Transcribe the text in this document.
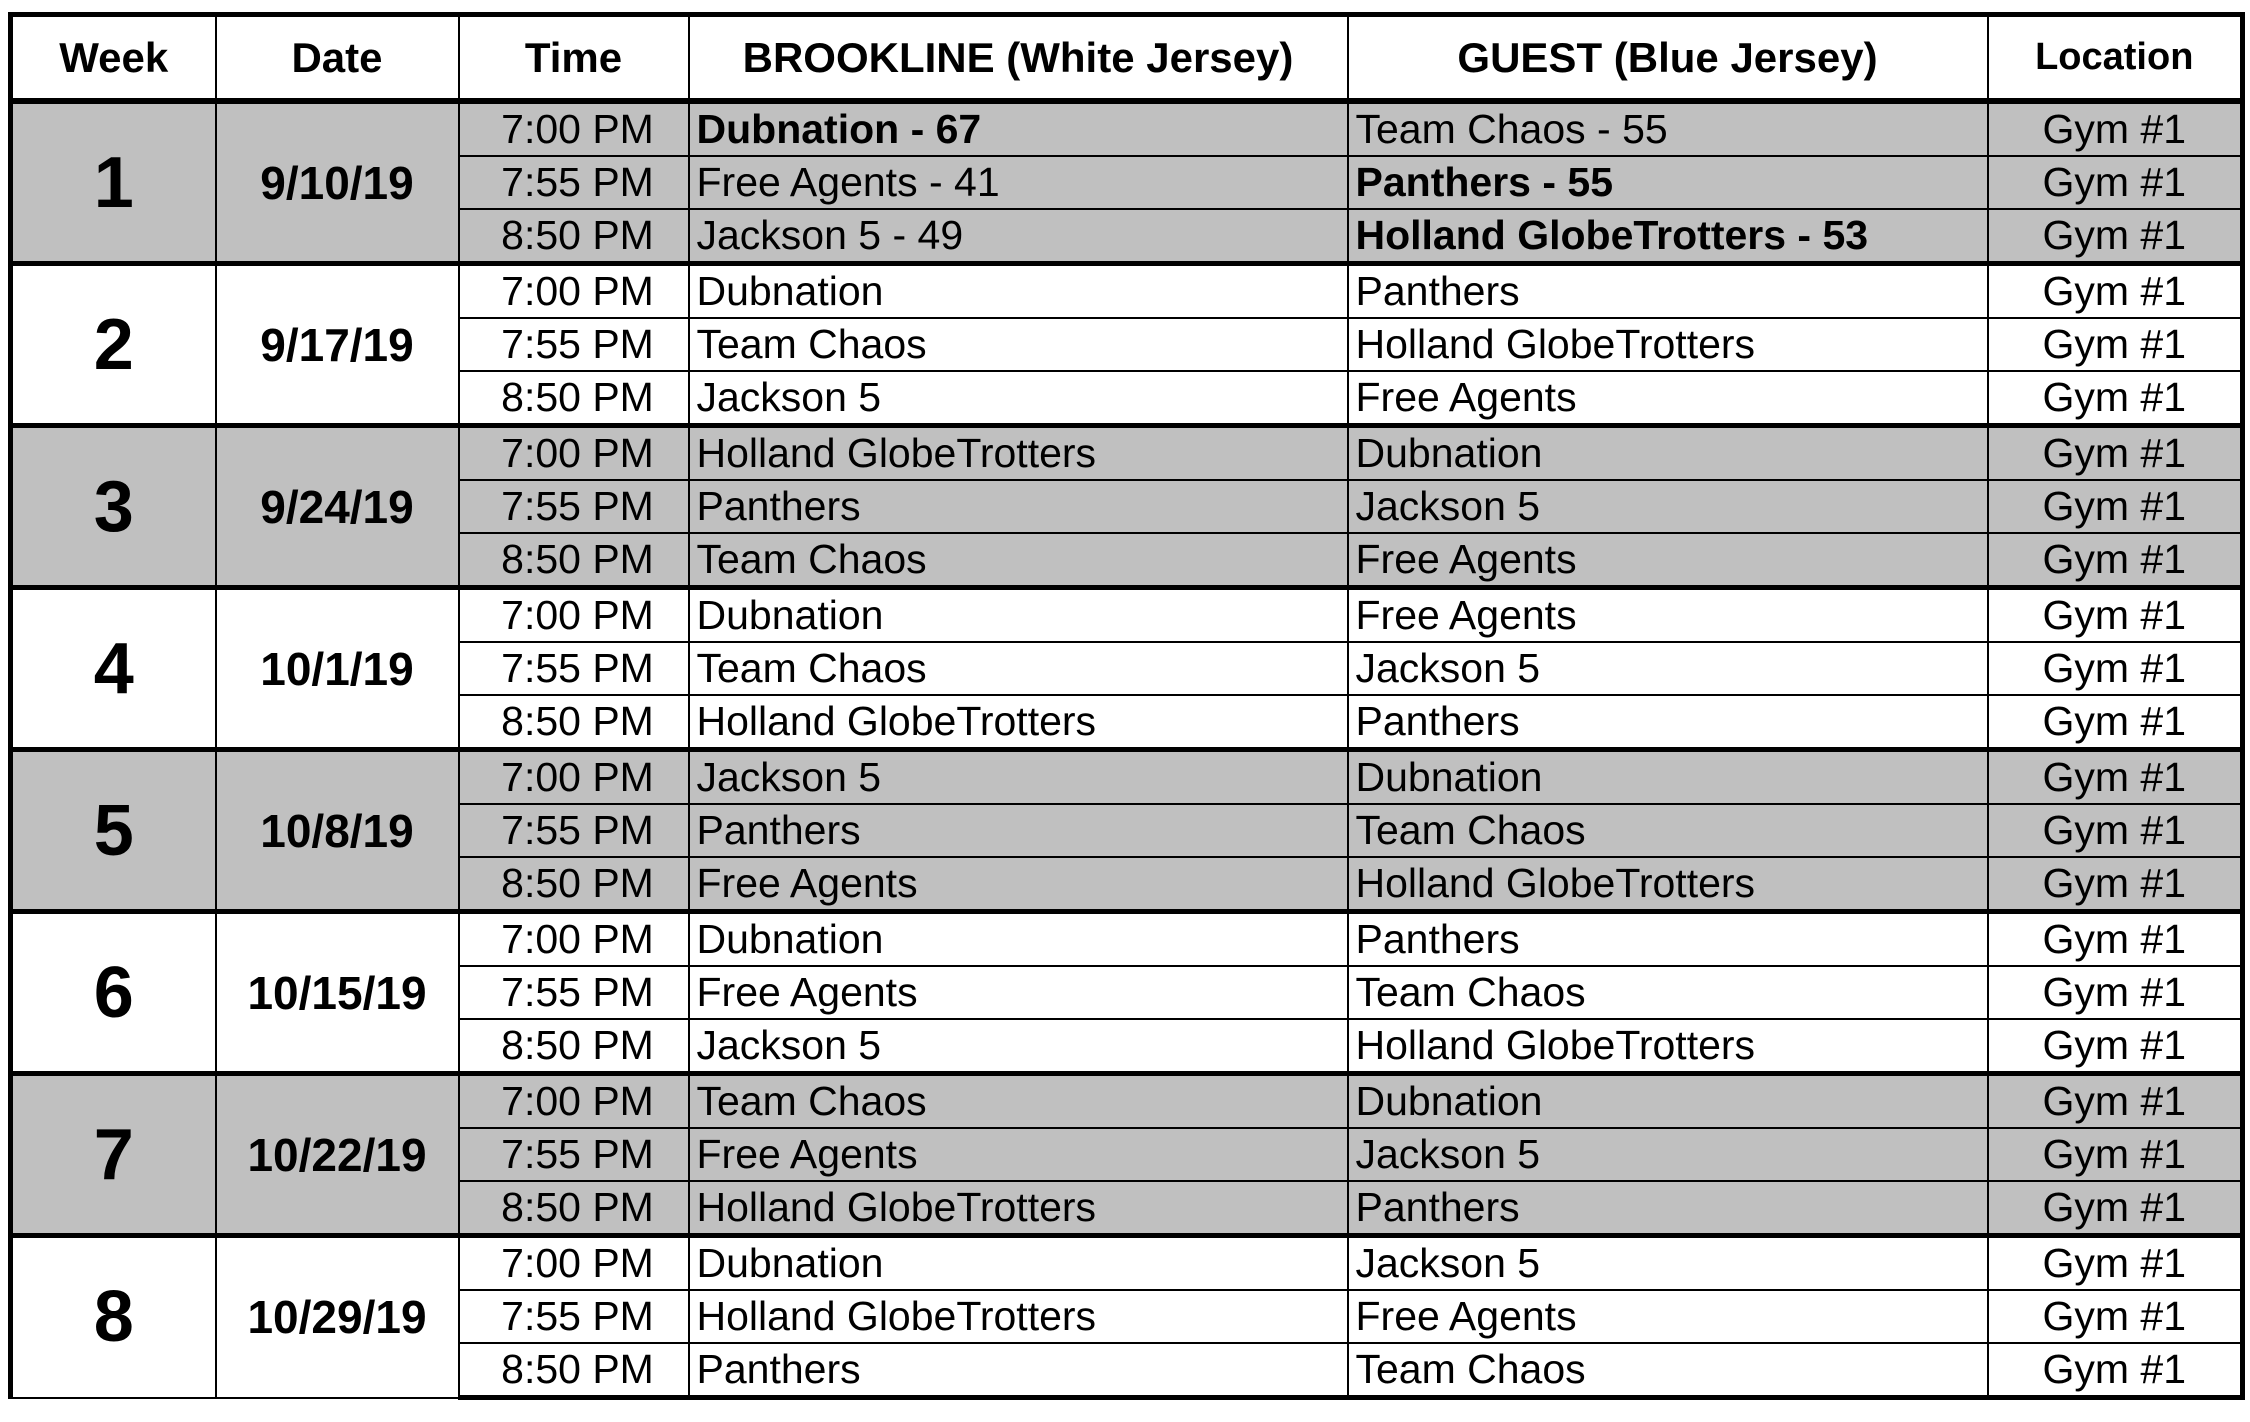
Week	Date	Time	BROOKLINE (White Jersey)	GUEST (Blue Jersey)	Location
1	9/10/19	7:00 PM	Dubnation - 67	Team Chaos - 55	Gym #1
		7:55 PM	Free Agents - 41	Panthers - 55	Gym #1
		8:50 PM	Jackson 5 - 49	Holland GlobeTrotters - 53	Gym #1
2	9/17/19	7:00 PM	Dubnation	Panthers	Gym #1
		7:55 PM	Team Chaos	Holland GlobeTrotters	Gym #1
		8:50 PM	Jackson 5	Free Agents	Gym #1
3	9/24/19	7:00 PM	Holland GlobeTrotters	Dubnation	Gym #1
		7:55 PM	Panthers	Jackson 5	Gym #1
		8:50 PM	Team Chaos	Free Agents	Gym #1
4	10/1/19	7:00 PM	Dubnation	Free Agents	Gym #1
		7:55 PM	Team Chaos	Jackson 5	Gym #1
		8:50 PM	Holland GlobeTrotters	Panthers	Gym #1
5	10/8/19	7:00 PM	Jackson 5	Dubnation	Gym #1
		7:55 PM	Panthers	Team Chaos	Gym #1
		8:50 PM	Free Agents	Holland GlobeTrotters	Gym #1
6	10/15/19	7:00 PM	Dubnation	Panthers	Gym #1
		7:55 PM	Free Agents	Team Chaos	Gym #1
		8:50 PM	Jackson 5	Holland GlobeTrotters	Gym #1
7	10/22/19	7:00 PM	Team Chaos	Dubnation	Gym #1
		7:55 PM	Free Agents	Jackson 5	Gym #1
		8:50 PM	Holland GlobeTrotters	Panthers	Gym #1
8	10/29/19	7:00 PM	Dubnation	Jackson 5	Gym #1
		7:55 PM	Holland GlobeTrotters	Free Agents	Gym #1
		8:50 PM	Panthers	Team Chaos	Gym #1
